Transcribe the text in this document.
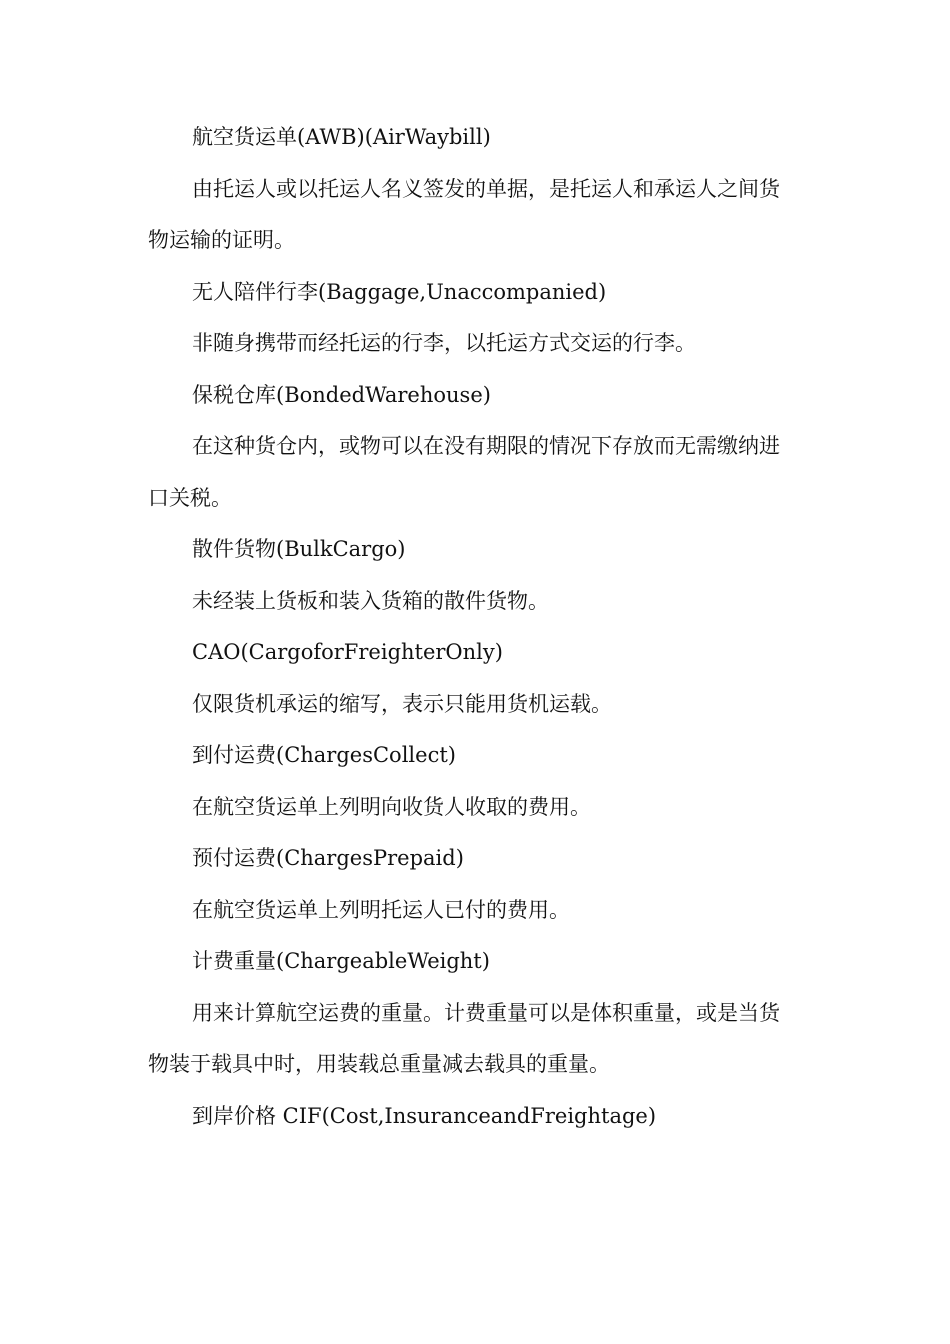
航空货运单(AWB)(AirWaybill)

由托运人或以托运人名义签发的单据，是托运人和承运人之间货物运输的证明。

无人陪伴行李(Baggage,Unaccompanied)

非随身携带而经托运的行李，以托运方式交运的行李。

保税仓库(BondedWarehouse)

在这种货仓内，或物可以在没有期限的情况下存放而无需缴纳进口关税。

散件货物(BulkCargo)

未经装上货板和装入货箱的散件货物。

CAO(CargoforFreighterOnly)

仅限货机承运的缩写，表示只能用货机运载。

到付运费(ChargesCollect)

在航空货运单上列明向收货人收取的费用。

预付运费(ChargesPrepaid)

在航空货运单上列明托运人已付的费用。

计费重量(ChargeableWeight)

用来计算航空运费的重量。计费重量可以是体积重量，或是当货物装于载具中时，用装载总重量减去载具的重量。

到岸价格 CIF(Cost,InsuranceandFreightage)
